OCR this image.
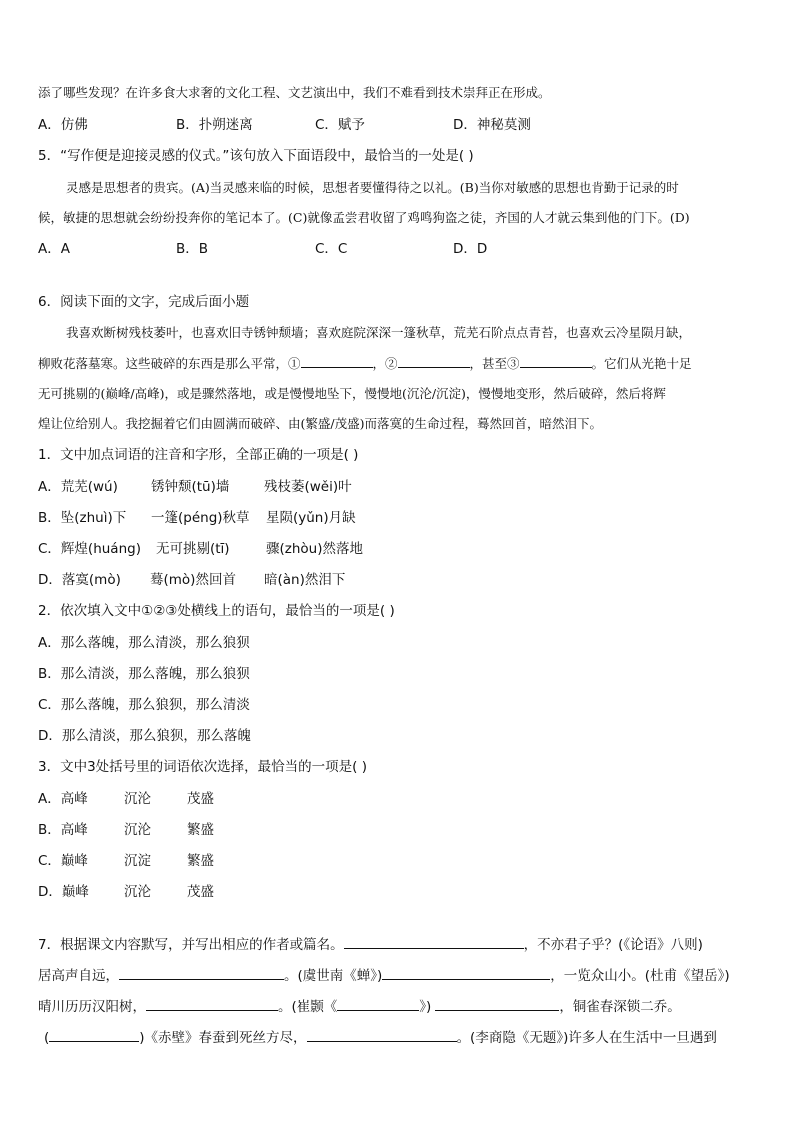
添了哪些发现？在许多食大求奢的文化工程、文艺演出中，我们不难看到技术崇拜正在形成。
A．仿佛	B．扑朔迷离	C．赋予	D．神秘莫测
5．“写作便是迎接灵感的仪式。”该句放入下面语段中，最恰当的一处是( )
灵感是思想者的贵宾。(A)当灵感来临的时候，思想者要懂得待之以礼。(B)当你对敏感的思想也肯勤于记录的时
候，敏捷的思想就会纷纷投奔你的笔记本了。(C)就像孟尝君收留了鸡鸣狗盗之徒，齐国的人才就云集到他的门下。(D)
A．A	B．B	C．C	D．D
6．阅读下面的文字，完成后面小题
我喜欢断树残枝萎叶，也喜欢旧寺锈钟颓墙；喜欢庭院深深一篷秋草，荒芜石阶点点青苔，也喜欢云冷星陨月缺，
柳败花落墓寒。这些破碎的东西是那么平常，①	，②	，甚至③	。它们从光艳十足
无可挑剔的(巅峰/高峰)，或是骤然落地，或是慢慢地坠下，慢慢地(沉沦/沉淀)，慢慢地变形，然后破碎，然后将辉
煌让位给别人。我挖掘着它们由圆满而破碎、由(繁盛/茂盛)而落寞的生命过程，蓦然回首，暗然泪下。
1．文中加点词语的注音和字形，全部正确的一项是( )
A．荒芜(wú) 锈钟颓(tū)墙	残枝萎(wěi)叶
B．坠(zhuì)下 一篷(péng)秋草 星陨(yǔn)月缺
C．辉煌(huáng) 无可挑剔(tī)	骤(zhòu)然落地
D．落寞(mò) 蓦(mò)然回首 暗(àn)然泪下
2．依次填入文中①②③处横线上的语句，最恰当的一项是( )
A．那么落魄，那么清淡，那么狼狈
B．那么清淡，那么落魄，那么狼狈
C．那么落魄，那么狼狈，那么清淡
D．那么清淡，那么狼狈，那么落魄
3．文中3处括号里的词语依次选择，最恰当的一项是( )
A．高峰	沉沦	茂盛
B．高峰	沉沦	繁盛
C．巅峰	沉淀	繁盛
D．巅峰	沉沦	茂盛
7．根据课文内容默写，并写出相应的作者或篇名。	，不亦君子乎？(《论语》八则)
居高声自远，	。(虞世南《蝉》)	，一览众山小。(杜甫《望岳》)
晴川历历汉阳树，	。(崔颢《	》)	，铜雀春深锁二乔。
(	)《赤壁》春蚕到死丝方尽，	。(李商隐《无题》)许多人在生活中一旦遇到
